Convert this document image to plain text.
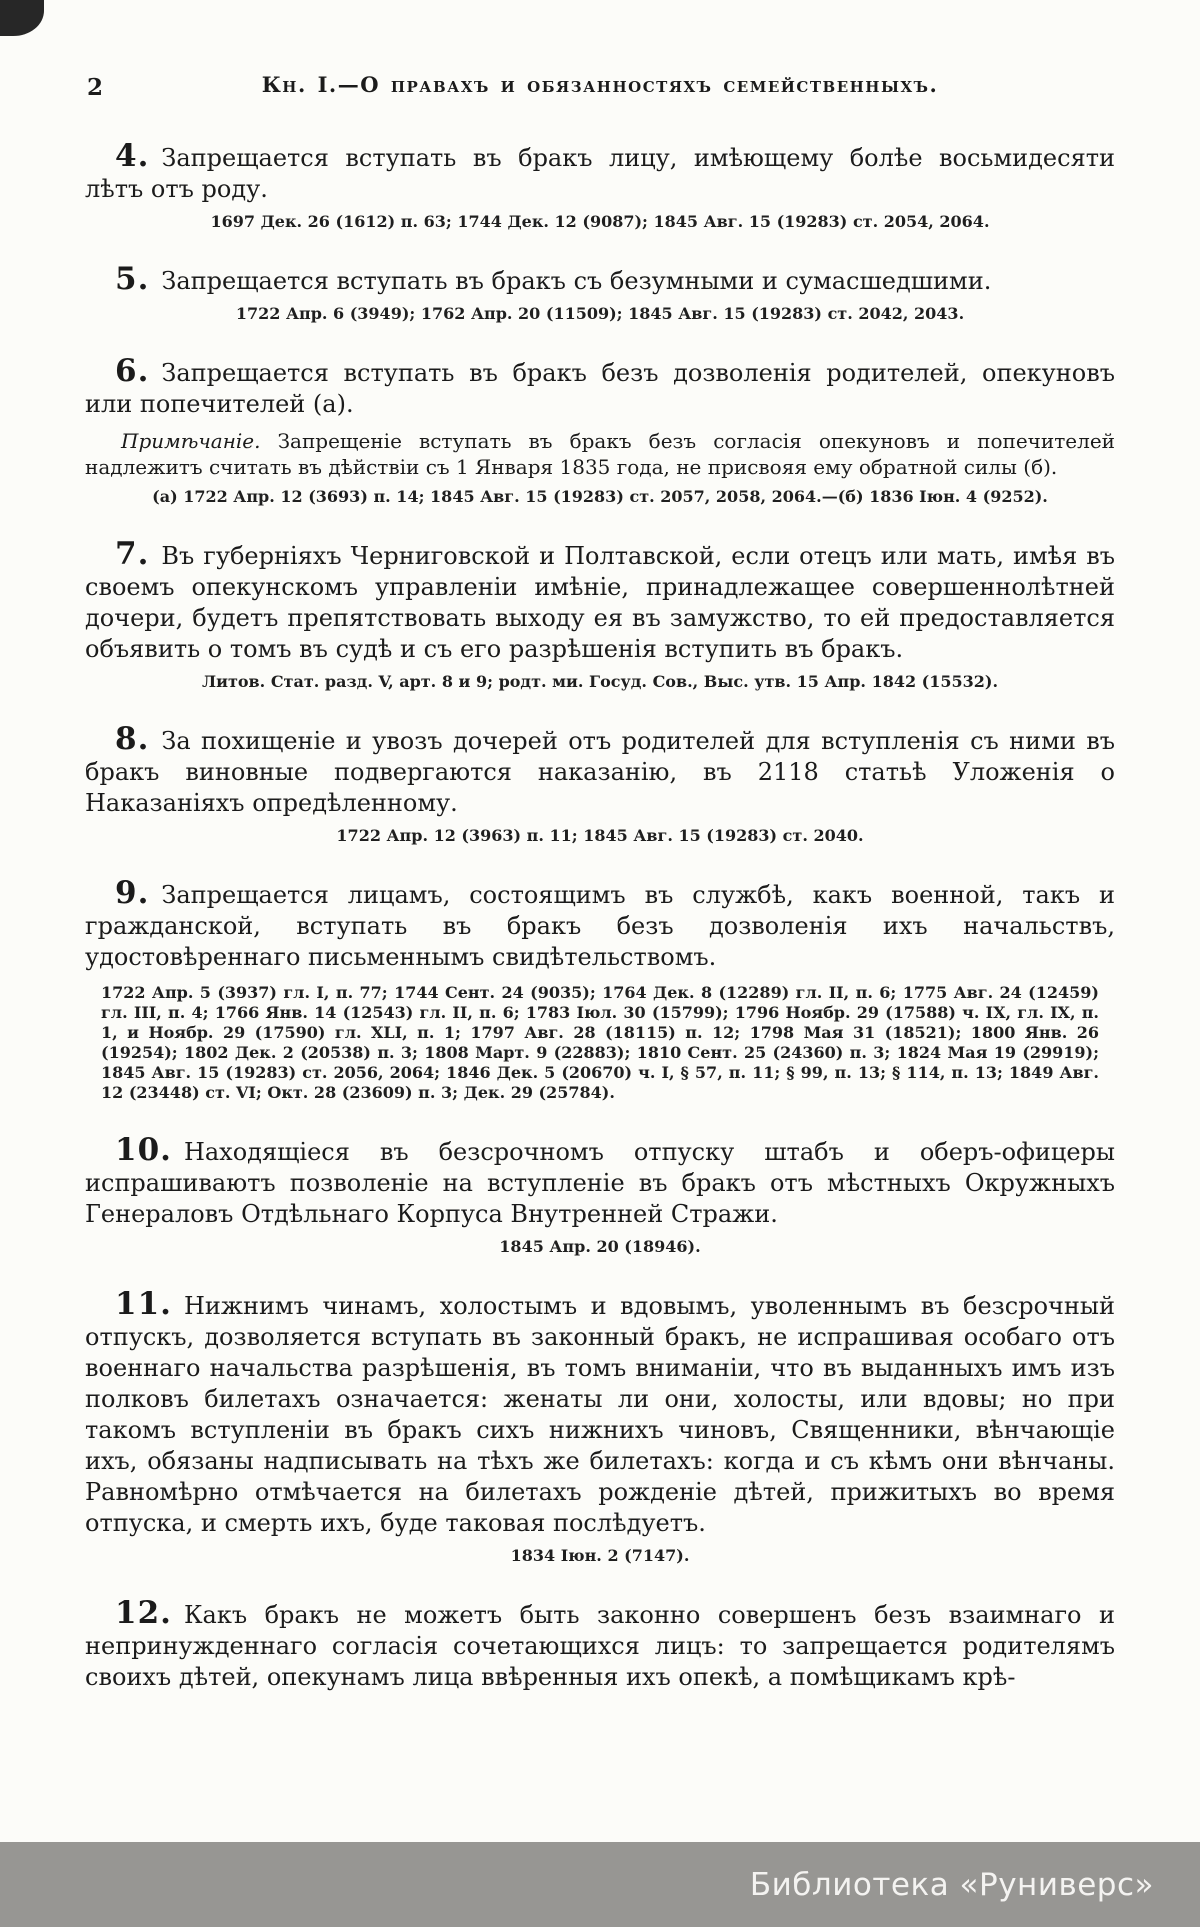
2	Кн. I.—О правахъ и обязанностяхъ семейственныхъ.

4. Запрещается вступать въ бракъ лицу, имѣющему болѣе восьмидесяти лѣтъ отъ роду.

1697 Дек. 26 (1612) п. 63; 1744 Дек. 12 (9087); 1845 Авг. 15 (19283) ст. 2054, 2064.

5. Запрещается вступать въ бракъ съ безумными и сумасшедшими.

1722 Апр. 6 (3949); 1762 Апр. 20 (11509); 1845 Авг. 15 (19283) ст. 2042, 2043.

6. Запрещается вступать въ бракъ безъ дозволенія родителей, опекуновъ или попечителей (а).

Примѣчаніе. Запрещеніе вступать въ бракъ безъ согласія опекуновъ и попечителей надлежитъ считать въ дѣйствіи съ 1 Января 1835 года, не присвояя ему обратной силы (б).

(а) 1722 Апр. 12 (3693) п. 14; 1845 Авг. 15 (19283) ст. 2057, 2058, 2064.—(б) 1836 Іюн. 4 (9252).

7. Въ губерніяхъ Черниговской и Полтавской, если отецъ или мать, имѣя въ своемъ опекунскомъ управленіи имѣніе, принадлежащее совершеннолѣтней дочери, будетъ препятствовать выходу ея въ замужство, то ей предоставляется объявить о томъ въ судѣ и съ его разрѣшенія вступить въ бракъ.

Литов. Стат. разд. V, арт. 8 и 9; родт. ми. Госуд. Сов., Выс. утв. 15 Апр. 1842 (15532).

8. За похищеніе и увозъ дочерей отъ родителей для вступленія съ ними въ бракъ виновные подвергаются наказанію, въ 2118 статьѣ Уложенія о Наказаніяхъ опредѣленному.

1722 Апр. 12 (3963) п. 11; 1845 Авг. 15 (19283) ст. 2040.

9. Запрещается лицамъ, состоящимъ въ службѣ, какъ военной, такъ и гражданской, вступать въ бракъ безъ дозволенія ихъ начальствъ, удостовѣреннаго письменнымъ свидѣтельствомъ.

1722 Апр. 5 (3937) гл. I, п. 77; 1744 Сент. 24 (9035); 1764 Дек. 8 (12289) гл. II, п. 6; 1775 Авг. 24 (12459) гл. III, п. 4; 1766 Янв. 14 (12543) гл. II, п. 6; 1783 Іюл. 30 (15799); 1796 Ноябр. 29 (17588) ч. IX, гл. IX, п. 1, и Ноябр. 29 (17590) гл. XLI, п. 1; 1797 Авг. 28 (18115) п. 12; 1798 Мая 31 (18521); 1800 Янв. 26 (19254); 1802 Дек. 2 (20538) п. 3; 1808 Март. 9 (22883); 1810 Сент. 25 (24360) п. 3; 1824 Мая 19 (29919); 1845 Авг. 15 (19283) ст. 2056, 2064; 1846 Дек. 5 (20670) ч. I, § 57, п. 11; § 99, п. 13; § 114, п. 13; 1849 Авг. 12 (23448) ст. VI; Окт. 28 (23609) п. 3; Дек. 29 (25784).

10. Находящіеся въ безсрочномъ отпуску штабъ и оберъ-офицеры испрашиваютъ позволеніе на вступленіе въ бракъ отъ мѣстныхъ Окружныхъ Генераловъ Отдѣльнаго Корпуса Внутренней Стражи.

1845 Апр. 20 (18946).

11. Нижнимъ чинамъ, холостымъ и вдовымъ, уволеннымъ въ безсрочный отпускъ, дозволяется вступать въ законный бракъ, не испрашивая особаго отъ военнаго начальства разрѣшенія, въ томъ вниманіи, что въ выданныхъ имъ изъ полковъ билетахъ означается: женаты ли они, холосты, или вдовы; но при такомъ вступленіи въ бракъ сихъ нижнихъ чиновъ, Священники, вѣнчающіе ихъ, обязаны надписывать на тѣхъ же билетахъ: когда и съ кѣмъ они вѣнчаны. Равномѣрно отмѣчается на билетахъ рожденіе дѣтей, прижитыхъ во время отпуска, и смерть ихъ, буде таковая послѣдуетъ.

1834 Іюн. 2 (7147).

12. Какъ бракъ не можетъ быть законно совершенъ безъ взаимнаго и непринужденнаго согласія сочетающихся лицъ: то запрещается родителямъ своихъ дѣтей, опекунамъ лица ввѣренныя ихъ опекѣ, а помѣщикамъ крѣ-

Библиотека «Руниверс»
